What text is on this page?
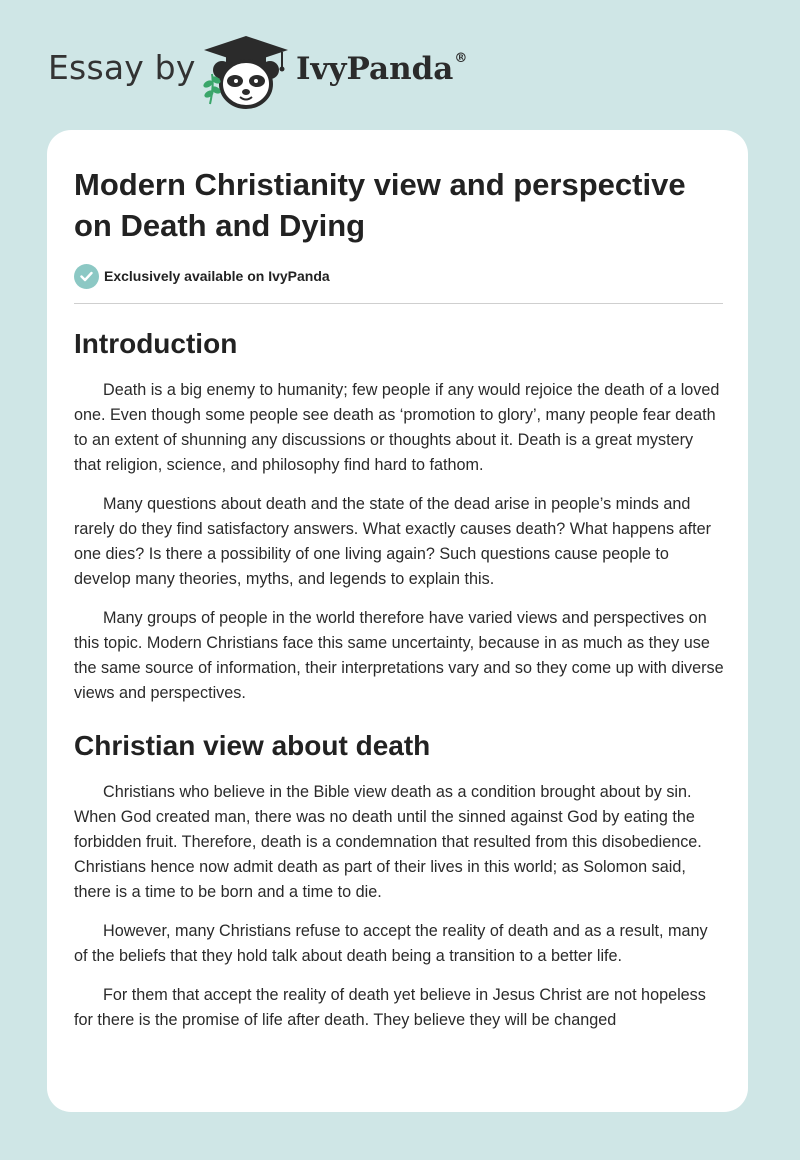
Essay by	IvyPanda®
Modern Christianity view and perspective on Death and Dying
Exclusively available on IvyPanda
Introduction

Death is a big enemy to humanity; few people if any would rejoice the death of a loved one. Even though some people see death as ‘promotion to glory’, many people fear death to an extent of shunning any discussions or thoughts about it. Death is a great mystery that religion, science, and philosophy find hard to fathom.

Many questions about death and the state of the dead arise in people’s minds and rarely do they find satisfactory answers. What exactly causes death? What happens after one dies? Is there a possibility of one living again? Such questions cause people to develop many theories, myths, and legends to explain this.

Many groups of people in the world therefore have varied views and perspectives on this topic. Modern Christians face this same uncertainty, because in as much as they use the same source of information, their interpretations vary and so they come up with diverse views and perspectives.

Christian view about death

Christians who believe in the Bible view death as a condition brought about by sin. When God created man, there was no death until the sinned against God by eating the forbidden fruit. Therefore, death is a condemnation that resulted from this disobedience. Christians hence now admit death as part of their lives in this world; as Solomon said, there is a time to be born and a time to die.

However, many Christians refuse to accept the reality of death and as a result, many of the beliefs that they hold talk about death being a transition to a better life.

For them that accept the reality of death yet believe in Jesus Christ are not hopeless for there is the promise of life after death. They believe they will be changed
